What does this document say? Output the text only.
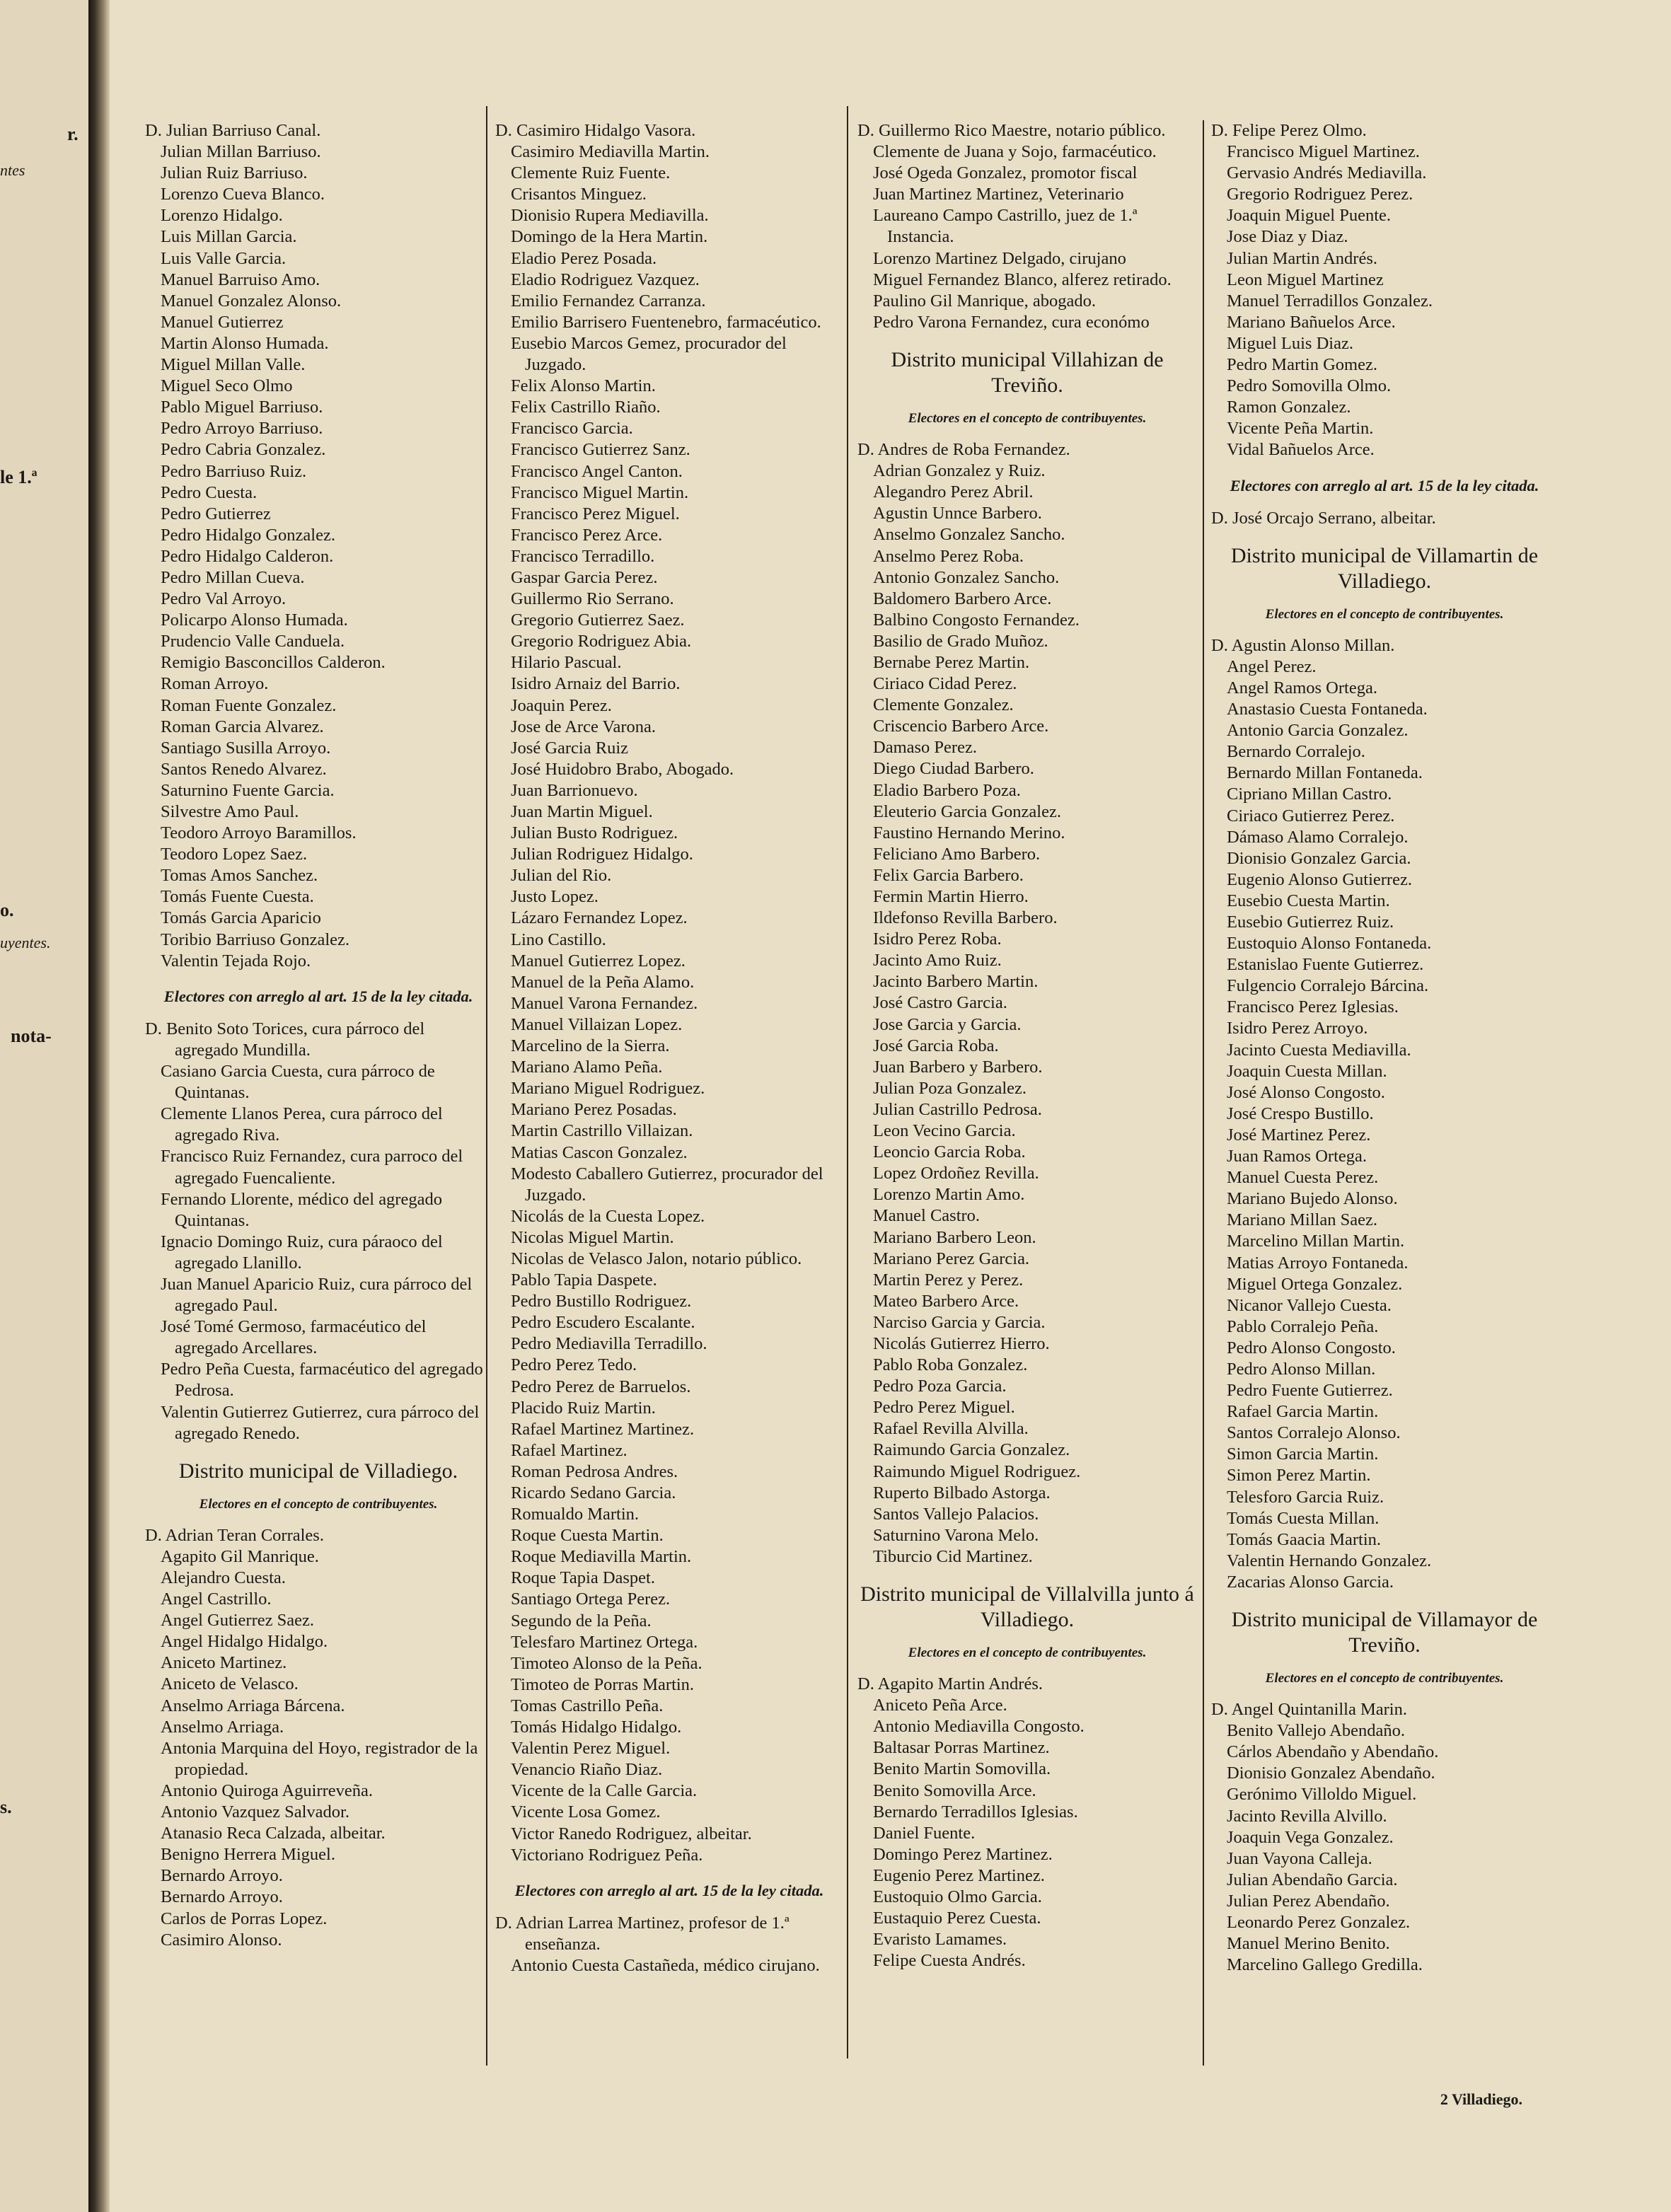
r.
ntes
le 1.ª
o.
uyentes.
nota-
s.

D. Julian Barriuso Canal.

Julian Millan Barriuso.

Julian Ruiz Barriuso.

Lorenzo Cueva Blanco.

Lorenzo Hidalgo.

Luis Millan Garcia.

Luis Valle Garcia.

Manuel Barruiso Amo.

Manuel Gonzalez Alonso.

Manuel Gutierrez

Martin Alonso Humada.

Miguel Millan Valle.

Miguel Seco Olmo

Pablo Miguel Barriuso.

Pedro Arroyo Barriuso.

Pedro Cabria Gonzalez.

Pedro Barriuso Ruiz.

Pedro Cuesta.

Pedro Gutierrez

Pedro Hidalgo Gonzalez.

Pedro Hidalgo Calderon.

Pedro Millan Cueva.

Pedro Val Arroyo.

Policarpo Alonso Humada.

Prudencio Valle Canduela.

Remigio Basconcillos Calderon.

Roman Arroyo.

Roman Fuente Gonzalez.

Roman Garcia Alvarez.

Santiago Susilla Arroyo.

Santos Renedo Alvarez.

Saturnino Fuente Garcia.

Silvestre Amo Paul.

Teodoro Arroyo Baramillos.

Teodoro Lopez Saez.

Tomas Amos Sanchez.

Tomás Fuente Cuesta.

Tomás Garcia Aparicio

Toribio Barriuso Gonzalez.

Valentin Tejada Rojo.

Electores con arreglo al art. 15 de la ley citada.

D. Benito Soto Torices, cura párroco del agregado Mundilla.

Casiano Garcia Cuesta, cura párroco de Quintanas.

Clemente Llanos Perea, cura párroco del agregado Riva.

Francisco Ruiz Fernandez, cura parroco del agregado Fuencaliente.

Fernando Llorente, médico del agregado Quintanas.

Ignacio Domingo Ruiz, cura páraoco del agregado Llanillo.

Juan Manuel Aparicio Ruiz, cura párroco del agregado Paul.

José Tomé Germoso, farmacéutico del agregado Arcellares.

Pedro Peña Cuesta, farmacéutico del agregado Pedrosa.

Valentin Gutierrez Gutierrez, cura párroco del agregado Renedo.

Distrito municipal de Villadiego.
Electores en el concepto de contribuyentes.

D. Adrian Teran Corrales.

Agapito Gil Manrique.

Alejandro Cuesta.

Angel Castrillo.

Angel Gutierrez Saez.

Angel Hidalgo Hidalgo.

Aniceto Martinez.

Aniceto de Velasco.

Anselmo Arriaga Bárcena.

Anselmo Arriaga.

Antonia Marquina del Hoyo, registrador de la propiedad.

Antonio Quiroga Aguirreveña.

Antonio Vazquez Salvador.

Atanasio Reca Calzada, albeitar.

Benigno Herrera Miguel.

Bernardo Arroyo.

Bernardo Arroyo.

Carlos de Porras Lopez.

Casimiro Alonso.

D. Casimiro Hidalgo Vasora.

Casimiro Mediavilla Martin.

Clemente Ruiz Fuente.

Crisantos Minguez.

Dionisio Rupera Mediavilla.

Domingo de la Hera Martin.

Eladio Perez Posada.

Eladio Rodriguez Vazquez.

Emilio Fernandez Carranza.

Emilio Barrisero Fuentenebro, farmacéutico.

Eusebio Marcos Gemez, procurador del Juzgado.

Felix Alonso Martin.

Felix Castrillo Riaño.

Francisco Garcia.

Francisco Gutierrez Sanz.

Francisco Angel Canton.

Francisco Miguel Martin.

Francisco Perez Miguel.

Francisco Perez Arce.

Francisco Terradillo.

Gaspar Garcia Perez.

Guillermo Rio Serrano.

Gregorio Gutierrez Saez.

Gregorio Rodriguez Abia.

Hilario Pascual.

Isidro Arnaiz del Barrio.

Joaquin Perez.

Jose de Arce Varona.

José Garcia Ruiz

José Huidobro Brabo, Abogado.

Juan Barrionuevo.

Juan Martin Miguel.

Julian Busto Rodriguez.

Julian Rodriguez Hidalgo.

Julian del Rio.

Justo Lopez.

Lázaro Fernandez Lopez.

Lino Castillo.

Manuel Gutierrez Lopez.

Manuel de la Peña Alamo.

Manuel Varona Fernandez.

Manuel Villaizan Lopez.

Marcelino de la Sierra.

Mariano Alamo Peña.

Mariano Miguel Rodriguez.

Mariano Perez Posadas.

Martin Castrillo Villaizan.

Matias Cascon Gonzalez.

Modesto Caballero Gutierrez, procurador del Juzgado.

Nicolás de la Cuesta Lopez.

Nicolas Miguel Martin.

Nicolas de Velasco Jalon, notario público.

Pablo Tapia Daspete.

Pedro Bustillo Rodriguez.

Pedro Escudero Escalante.

Pedro Mediavilla Terradillo.

Pedro Perez Tedo.

Pedro Perez de Barruelos.

Placido Ruiz Martin.

Rafael Martinez Martinez.

Rafael Martinez.

Roman Pedrosa Andres.

Ricardo Sedano Garcia.

Romualdo Martin.

Roque Cuesta Martin.

Roque Mediavilla Martin.

Roque Tapia Daspet.

Santiago Ortega Perez.

Segundo de la Peña.

Telesfaro Martinez Ortega.

Timoteo Alonso de la Peña.

Timoteo de Porras Martin.

Tomas Castrillo Peña.

Tomás Hidalgo Hidalgo.

Valentin Perez Miguel.

Venancio Riaño Diaz.

Vicente de la Calle Garcia.

Vicente Losa Gomez.

Victor Ranedo Rodriguez, albeitar.

Victoriano Rodriguez Peña.

Electores con arreglo al art. 15 de la ley citada.

D. Adrian Larrea Martinez, profesor de 1.ª enseñanza.

Antonio Cuesta Castañeda, médico cirujano.

D. Guillermo Rico Maestre, notario público.

Clemente de Juana y Sojo, farmacéutico.

José Ogeda Gonzalez, promotor fiscal

Juan Martinez Martinez, Veterinario

Laureano Campo Castrillo, juez de 1.ª Instancia.

Lorenzo Martinez Delgado, cirujano

Miguel Fernandez Blanco, alferez retirado.

Paulino Gil Manrique, abogado.

Pedro Varona Fernandez, cura económo

Distrito municipal Villahizan de Treviño.
Electores en el concepto de contribuyentes.

D. Andres de Roba Fernandez.

Adrian Gonzalez y Ruiz.

Alegandro Perez Abril.

Agustin Unnce Barbero.

Anselmo Gonzalez Sancho.

Anselmo Perez Roba.

Antonio Gonzalez Sancho.

Baldomero Barbero Arce.

Balbino Congosto Fernandez.

Basilio de Grado Muñoz.

Bernabe Perez Martin.

Ciriaco Cidad Perez.

Clemente Gonzalez.

Criscencio Barbero Arce.

Damaso Perez.

Diego Ciudad Barbero.

Eladio Barbero Poza.

Eleuterio Garcia Gonzalez.

Faustino Hernando Merino.

Feliciano Amo Barbero.

Felix Garcia Barbero.

Fermin Martin Hierro.

Ildefonso Revilla Barbero.

Isidro Perez Roba.

Jacinto Amo Ruiz.

Jacinto Barbero Martin.

José Castro Garcia.

Jose Garcia y Garcia.

José Garcia Roba.

Juan Barbero y Barbero.

Julian Poza Gonzalez.

Julian Castrillo Pedrosa.

Leon Vecino Garcia.

Leoncio Garcia Roba.

Lopez Ordoñez Revilla.

Lorenzo Martin Amo.

Manuel Castro.

Mariano Barbero Leon.

Mariano Perez Garcia.

Martin Perez y Perez.

Mateo Barbero Arce.

Narciso Garcia y Garcia.

Nicolás Gutierrez Hierro.

Pablo Roba Gonzalez.

Pedro Poza Garcia.

Pedro Perez Miguel.

Rafael Revilla Alvilla.

Raimundo Garcia Gonzalez.

Raimundo Miguel Rodriguez.

Ruperto Bilbado Astorga.

Santos Vallejo Palacios.

Saturnino Varona Melo.

Tiburcio Cid Martinez.

Distrito municipal de Villalvilla junto á Villadiego.
Electores en el concepto de contribuyentes.

D. Agapito Martin Andrés.

Aniceto Peña Arce.

Antonio Mediavilla Congosto.

Baltasar Porras Martinez.

Benito Martin Somovilla.

Benito Somovilla Arce.

Bernardo Terradillos Iglesias.

Daniel Fuente.

Domingo Perez Martinez.

Eugenio Perez Martinez.

Eustoquio Olmo Garcia.

Eustaquio Perez Cuesta.

Evaristo Lamames.

Felipe Cuesta Andrés.

D. Felipe Perez Olmo.

Francisco Miguel Martinez.

Gervasio Andrés Mediavilla.

Gregorio Rodriguez Perez.

Joaquin Miguel Puente.

Jose Diaz y Diaz.

Julian Martin Andrés.

Leon Miguel Martinez

Manuel Terradillos Gonzalez.

Mariano Bañuelos Arce.

Miguel Luis Diaz.

Pedro Martin Gomez.

Pedro Somovilla Olmo.

Ramon Gonzalez.

Vicente Peña Martin.

Vidal Bañuelos Arce.

Electores con arreglo al art. 15 de la ley citada.

D. José Orcajo Serrano, albeitar.

Distrito municipal de Villamartin de Villadiego.
Electores en el concepto de contribuyentes.

D. Agustin Alonso Millan.

Angel Perez.

Angel Ramos Ortega.

Anastasio Cuesta Fontaneda.

Antonio Garcia Gonzalez.

Bernardo Corralejo.

Bernardo Millan Fontaneda.

Cipriano Millan Castro.

Ciriaco Gutierrez Perez.

Dámaso Alamo Corralejo.

Dionisio Gonzalez Garcia.

Eugenio Alonso Gutierrez.

Eusebio Cuesta Martin.

Eusebio Gutierrez Ruiz.

Eustoquio Alonso Fontaneda.

Estanislao Fuente Gutierrez.

Fulgencio Corralejo Bárcina.

Francisco Perez Iglesias.

Isidro Perez Arroyo.

Jacinto Cuesta Mediavilla.

Joaquin Cuesta Millan.

José Alonso Congosto.

José Crespo Bustillo.

José Martinez Perez.

Juan Ramos Ortega.

Manuel Cuesta Perez.

Mariano Bujedo Alonso.

Mariano Millan Saez.

Marcelino Millan Martin.

Matias Arroyo Fontaneda.

Miguel Ortega Gonzalez.

Nicanor Vallejo Cuesta.

Pablo Corralejo Peña.

Pedro Alonso Congosto.

Pedro Alonso Millan.

Pedro Fuente Gutierrez.

Rafael Garcia Martin.

Santos Corralejo Alonso.

Simon Garcia Martin.

Simon Perez Martin.

Telesforo Garcia Ruiz.

Tomás Cuesta Millan.

Tomás Gaacia Martin.

Valentin Hernando Gonzalez.

Zacarias Alonso Garcia.

Distrito municipal de Villamayor de Treviño.
Electores en el concepto de contribuyentes.

D. Angel Quintanilla Marin.

Benito Vallejo Abendaño.

Cárlos Abendaño y Abendaño.

Dionisio Gonzalez Abendaño.

Gerónimo Villoldo Miguel.

Jacinto Revilla Alvillo.

Joaquin Vega Gonzalez.

Juan Vayona Calleja.

Julian Abendaño Garcia.

Julian Perez Abendaño.

Leonardo Perez Gonzalez.

Manuel Merino Benito.

Marcelino Gallego Gredilla.

2 Villadiego.
